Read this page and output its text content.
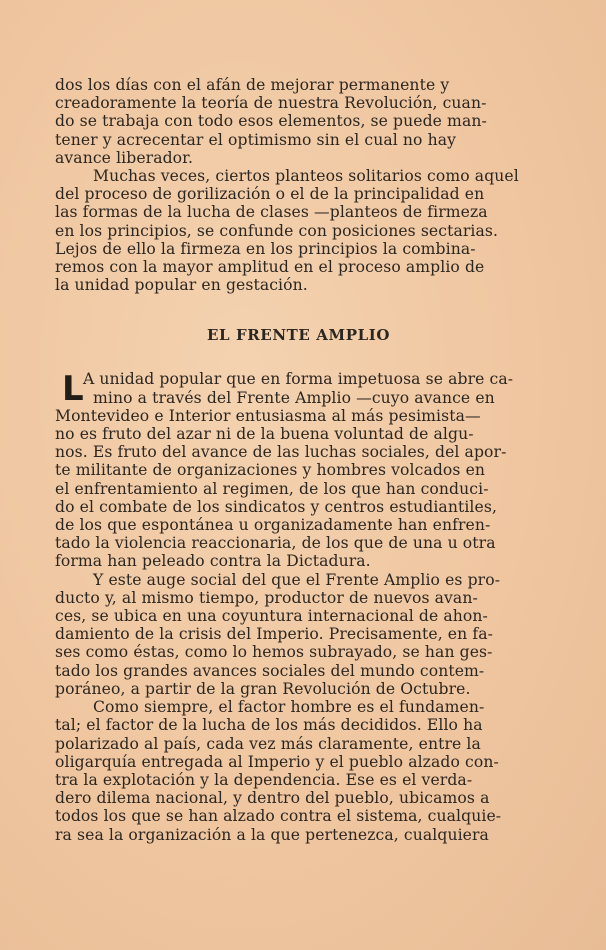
dos los días con el afán de mejorar permanente y
creadoramente la teoría de nuestra Revolución, cuan-
do se trabaja con todo esos elementos, se puede man-
tener y acrecentar el optimismo sin el cual no hay
avance liberador.

Muchas veces, ciertos planteos solitarios como aquel
del proceso de gorilización o el de la principalidad en
las formas de la lucha de clases —planteos de firmeza
en los principios, se confunde con posiciones sectarias.
Lejos de ello la firmeza en los principios la combina-
remos con la mayor amplitud en el proceso amplio de
la unidad popular en gestación.

EL FRENTE AMPLIO

L A unidad popular que en forma impetuosa se abre ca-
mino a través del Frente Amplio —cuyo avance en
Montevideo e Interior entusiasma al más pesimista—
no es fruto del azar ni de la buena voluntad de algu-
nos. Es fruto del avance de las luchas sociales, del apor-
te militante de organizaciones y hombres volcados en
el enfrentamiento al regimen, de los que han conduci-
do el combate de los sindicatos y centros estudiantiles,
de los que espontánea u organizadamente han enfren-
tado la violencia reaccionaria, de los que de una u otra
forma han peleado contra la Dictadura.

Y este auge social del que el Frente Amplio es pro-
ducto y, al mismo tiempo, productor de nuevos avan-
ces, se ubica en una coyuntura internacional de ahon-
damiento de la crisis del Imperio. Precisamente, en fa-
ses como éstas, como lo hemos subrayado, se han ges-
tado los grandes avances sociales del mundo contem-
poráneo, a partir de la gran Revolución de Octubre.

Como siempre, el factor hombre es el fundamen-
tal; el factor de la lucha de los más decididos. Ello ha
polarizado al país, cada vez más claramente, entre la
oligarquía entregada al Imperio y el pueblo alzado con-
tra la explotación y la dependencia. Ese es el verda-
dero dilema nacional, y dentro del pueblo, ubicamos a
todos los que se han alzado contra el sistema, cualquie-
ra sea la organización a la que pertenezca, cualquiera
